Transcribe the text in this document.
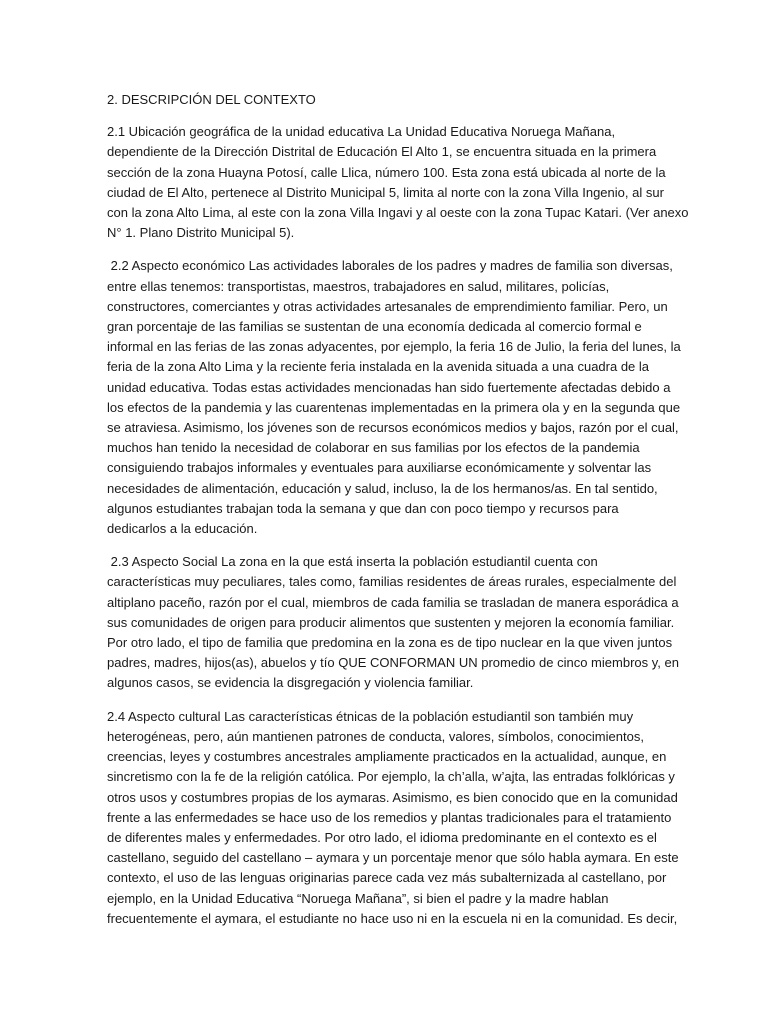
2. DESCRIPCIÓN DEL CONTEXTO
2.1 Ubicación geográfica de la unidad educativa La Unidad Educativa Noruega Mañana,
dependiente de la Dirección Distrital de Educación El Alto 1, se encuentra situada en la primera
sección de la zona Huayna Potosí, calle Llica, número 100. Esta zona está ubicada al norte de la
ciudad de El Alto, pertenece al Distrito Municipal 5, limita al norte con la zona Villa Ingenio, al sur
con la zona Alto Lima, al este con la zona Villa Ingavi y al oeste con la zona Tupac Katari. (Ver anexo
N° 1. Plano Distrito Municipal 5).
2.2 Aspecto económico Las actividades laborales de los padres y madres de familia son diversas,
entre ellas tenemos: transportistas, maestros, trabajadores en salud, militares, policías,
constructores, comerciantes y otras actividades artesanales de emprendimiento familiar. Pero, un
gran porcentaje de las familias se sustentan de una economía dedicada al comercio formal e
informal en las ferias de las zonas adyacentes, por ejemplo, la feria 16 de Julio, la feria del lunes, la
feria de la zona Alto Lima y la reciente feria instalada en la avenida situada a una cuadra de la
unidad educativa. Todas estas actividades mencionadas han sido fuertemente afectadas debido a
los efectos de la pandemia y las cuarentenas implementadas en la primera ola y en la segunda que
se atraviesa. Asimismo, los jóvenes son de recursos económicos medios y bajos, razón por el cual,
muchos han tenido la necesidad de colaborar en sus familias por los efectos de la pandemia
consiguiendo trabajos informales y eventuales para auxiliarse económicamente y solventar las
necesidades de alimentación, educación y salud, incluso, la de los hermanos/as. En tal sentido,
algunos estudiantes trabajan toda la semana y que dan con poco tiempo y recursos para
dedicarlos a la educación.
2.3 Aspecto Social La zona en la que está inserta la población estudiantil cuenta con
características muy peculiares, tales como, familias residentes de áreas rurales, especialmente del
altiplano paceño, razón por el cual, miembros de cada familia se trasladan de manera esporádica a
sus comunidades de origen para producir alimentos que sustenten y mejoren la economía familiar.
Por otro lado, el tipo de familia que predomina en la zona es de tipo nuclear en la que viven juntos
padres, madres, hijos(as), abuelos y tío QUE CONFORMAN UN promedio de cinco miembros y, en
algunos casos, se evidencia la disgregación y violencia familiar.
2.4 Aspecto cultural Las características étnicas de la población estudiantil son también muy
heterogéneas, pero, aún mantienen patrones de conducta, valores, símbolos, conocimientos,
creencias, leyes y costumbres ancestrales ampliamente practicados en la actualidad, aunque, en
sincretismo con la fe de la religión católica. Por ejemplo, la ch’alla, w’ajta, las entradas folklóricas y
otros usos y costumbres propias de los aymaras. Asimismo, es bien conocido que en la comunidad
frente a las enfermedades se hace uso de los remedios y plantas tradicionales para el tratamiento
de diferentes males y enfermedades. Por otro lado, el idioma predominante en el contexto es el
castellano, seguido del castellano – aymara y un porcentaje menor que sólo habla aymara. En este
contexto, el uso de las lenguas originarias parece cada vez más subalternizada al castellano, por
ejemplo, en la Unidad Educativa “Noruega Mañana”, si bien el padre y la madre hablan
frecuentemente el aymara, el estudiante no hace uso ni en la escuela ni en la comunidad. Es decir,
